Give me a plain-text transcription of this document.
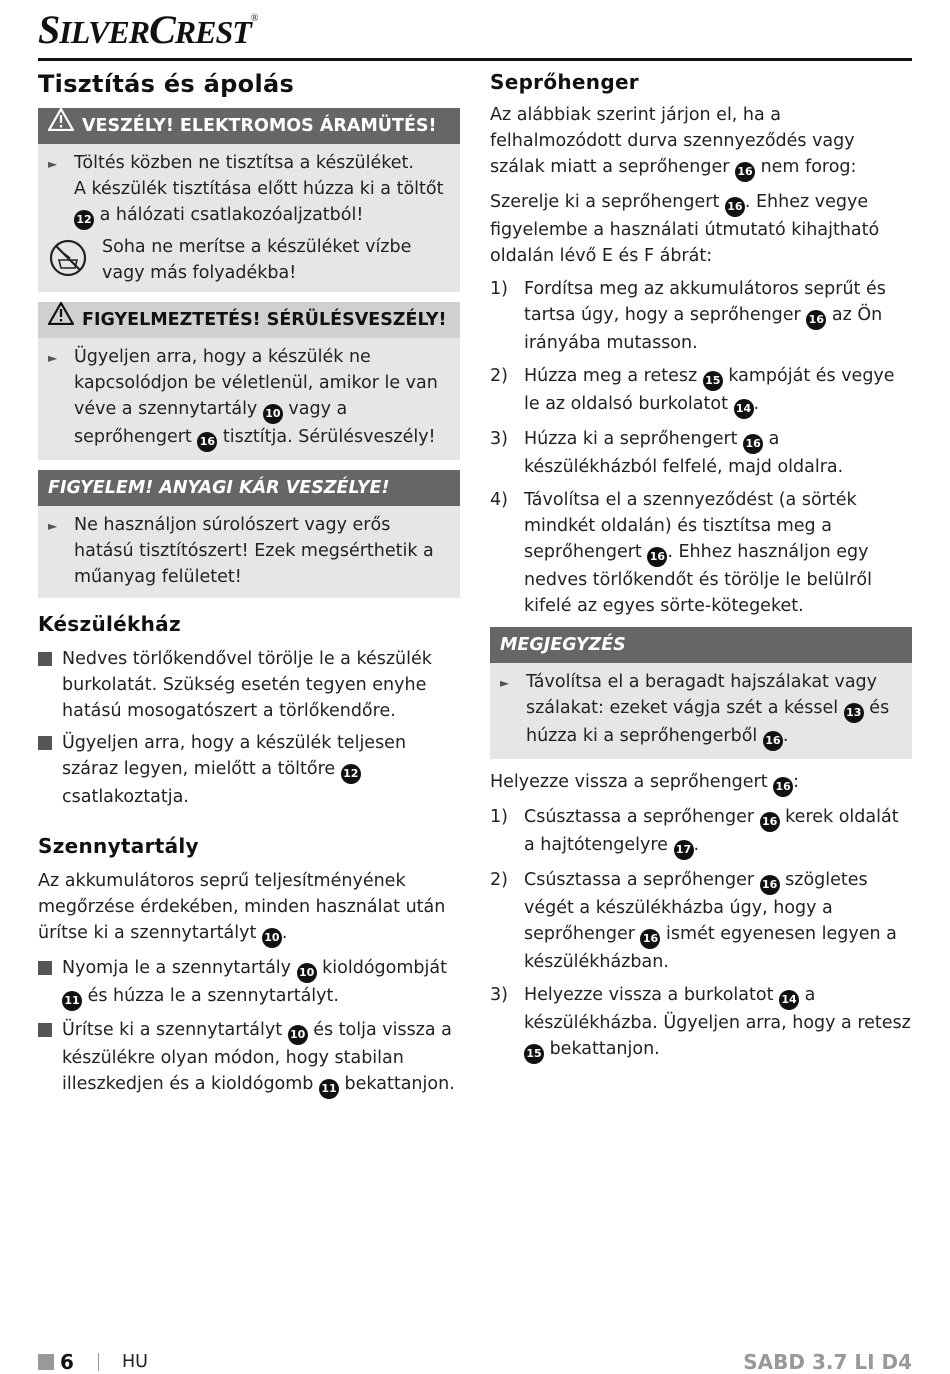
SILVERCREST®
Tisztítás és ápolás
VESZÉLY! ELEKTROMOS ÁRAMÜTÉS!
► Töltés közben ne tisztítsa a készüléket.
A készülék tisztítása előtt húzza ki a töltőt 12 a hálózati csatlakozóaljzatból!
Soha ne merítse a készüléket vízbe vagy más folyadékba!
FIGYELMEZTETÉS! SÉRÜLÉSVESZÉLY!
► Ügyeljen arra, hogy a készülék ne kapcsolódjon be véletlenül, amikor le van véve a szennytartály 10 vagy a seprőhengert 16 tisztítja. Sérülésveszély!
FIGYELEM! ANYAGI KÁR VESZÉLYE!
► Ne használjon súrolószert vagy erős hatású tisztítószert! Ezek megsérthetik a műanyag felületet!
Készülékház
Nedves törlőkendővel törölje le a készülék burkolatát. Szükség esetén tegyen enyhe hatású mosogatószert a törlőkendőre.
Ügyeljen arra, hogy a készülék teljesen száraz legyen, mielőtt a töltőre 12 csatlakoztatja.
Szennytartály

Az akkumulátoros seprű teljesítményének megőrzése érdekében, minden használat után ürítse ki a szennytartályt 10 .

Nyomja le a szennytartály 10 kioldógombját 11 és húzza le a szennytartályt.
Ürítse ki a szennytartályt 10 és tolja vissza a készülékre olyan módon, hogy stabilan illeszkedjen és a kioldógomb 11 bekattanjon.
Seprőhenger

Az alábbiak szerint járjon el, ha a felhalmozódott durva szennyeződés vagy szálak miatt a seprőhenger 16 nem forog:

Szerelje ki a seprőhengert 16 . Ehhez vegye figyelembe a használati útmutató kihajtható oldalán lévő E és F ábrát:

1) Fordítsa meg az akkumulátoros seprűt és tartsa úgy, hogy a seprőhenger 16 az Ön irányába mutasson.
2) Húzza meg a retesz 15 kampóját és vegye le az oldalsó burkolatot 14 .
3) Húzza ki a seprőhengert 16 a készülékházból felfelé, majd oldalra.
4) Távolítsa el a szennyeződést (a sörték mindkét oldalán) és tisztítsa meg a seprőhengert 16 . Ehhez használjon egy nedves törlőkendőt és törölje le belülről kifelé az egyes sörte-kötegeket.
MEGJEGYZÉS
► Távolítsa el a beragadt hajszálakat vagy szálakat: ezeket vágja szét a késsel 13 és húzza ki a seprőhengerből 16 .

Helyezze vissza a seprőhengert 16 :

1) Csúsztassa a seprőhenger 16 kerek oldalát a hajtótengelyre 17 .
2) Csúsztassa a seprőhenger 16 szögletes végét a készülékházba úgy, hogy a seprőhenger 16 ismét egyenesen legyen a készülékházban.
3) Helyezze vissza a burkolatot 14 a készülékházba. Ügyeljen arra, hogy a retesz 15 bekattanjon.
6	HU	SABD 3.7 LI D4
